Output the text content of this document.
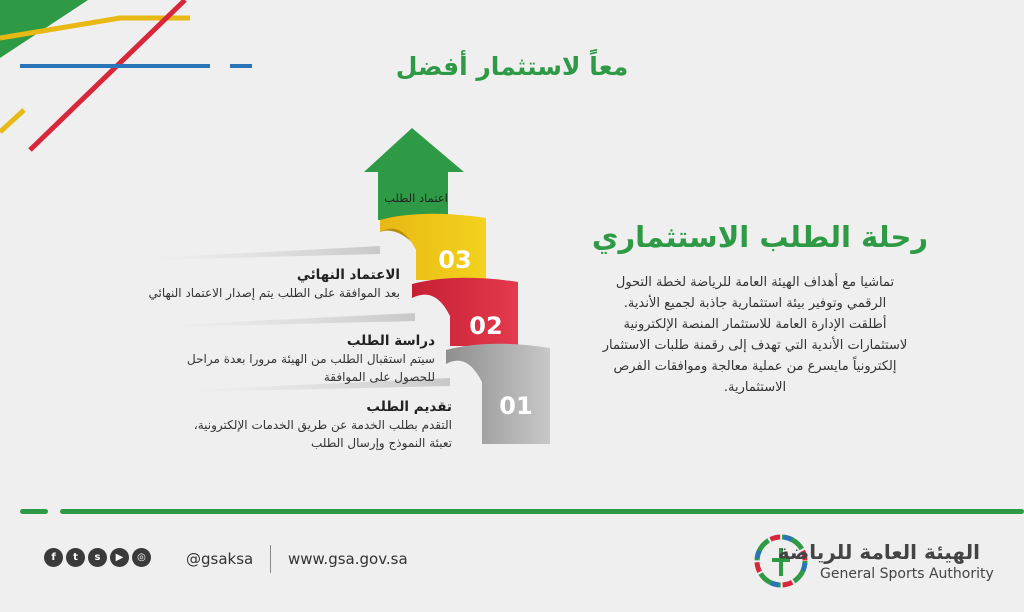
معاً لاستثمار أفضل
اعتماد الطلب
03
02
01
الاعتماد النهائي
بعد الموافقة على الطلب يتم إصدار الاعتماد النهائي
دراسة الطلب
سيتم استقبال الطلب من الهيئة مرورا بعدة مراحل
للحصول على الموافقة
تقديم الطلب
التقدم بطلب الخدمة عن طريق الخدمات الإلكترونية،
تعبئة النموذج وإرسال الطلب
رحلة الطلب الاستثماري
تماشيا مع أهداف الهيئة العامة للرياضة لخطة التحول
الرقمي وتوفير بيئة استثمارية جاذبة لجميع الأندية.
أطلقت الإدارة العامة للاستثمار المنصة الإلكترونية
لاستثمارات الأندية التي تهدف إلى رقمنة طلبات الاستثمار
إلكترونياً مايسرع من عملية معالجة وموافقات الفرص
الاستثمارية.
f	t	s	▶	◎	@gsaksa www.gsa.gov.sa	الهيئة العامة للرياضة
General Sports Authority
